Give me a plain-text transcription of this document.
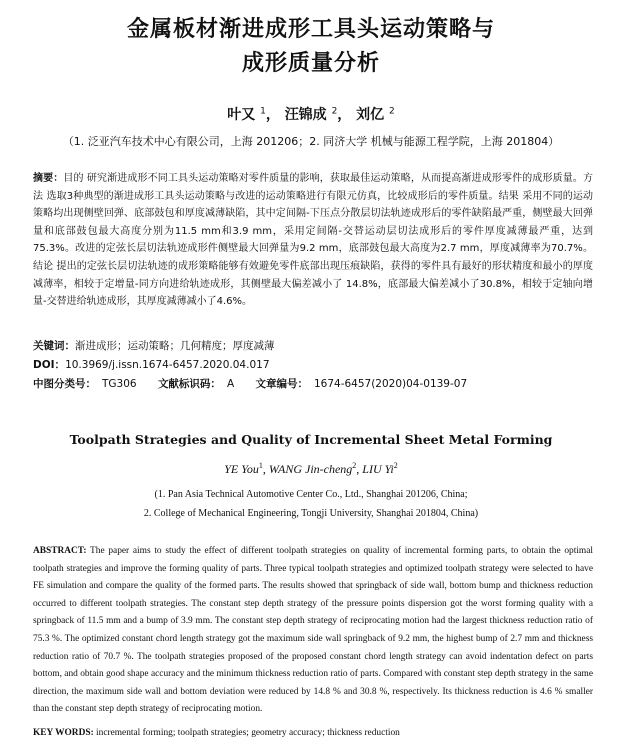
金属板材渐进成形工具头运动策略与
成形质量分析
叶又 $^1$， 汪锦成 $^2$， 刘亿 $^2$
（1. 泛亚汽车技术中心有限公司，上海 201206；2. 同济大学 机械与能源工程学院，上海 201804）

摘要：目的 研究渐进成形不同工具头运动策略对零件质量的影响，获取最佳运动策略，从而提高渐进成形零件的成形质量。方法 选取3种典型的渐进成形工具头运动策略与改进的运动策略进行有限元仿真，比较成形后的零件质量。结果 采用不同的运动策略均出现侧壁回弹、底部鼓包和厚度减薄缺陷，其中定间隔-下压点分散层切法轨迹成形后的零件缺陷最严重，侧壁最大回弹量和底部鼓包最大高度分别为11.5 mm和3.9 mm，采用定间隔-交替运动层切法成形后的零件厚度减薄最严重，达到 75.3%。改进的定弦长层切法轨迹成形件侧壁最大回弹量为9.2 mm，底部鼓包最大高度为2.7 mm，厚度减薄率为70.7%。结论 提出的定弦长层切法轨迹的成形策略能够有效避免零件底部出现压痕缺陷，获得的零件具有最好的形状精度和最小的厚度减薄率，相较于定增量-同方向进给轨迹成形，其侧壁最大偏差减小了 14.8%，底部最大偏差减小了30.8%，相较于定轴向增量-交替进给轨迹成形，其厚度减薄减小了4.6%。

关键词：渐进成形；运动策略；几何精度；厚度减薄

DOI：10.3969/j.issn.1674-6457.2020.04.017

中图分类号： TG306 文献标识码： A 文章编号： 1674-6457(2020)04-0139-07

Toolpath Strategies and Quality of Incremental Sheet Metal Forming
YE You$^1$, WANG Jin-cheng$^2$, LIU Yi$^2$
(1. Pan Asia Technical Automotive Center Co., Ltd., Shanghai 201206, China;
2. College of Mechanical Engineering, Tongji University, Shanghai 201804, China)

ABSTRACT: The paper aims to study the effect of different toolpath strategies on quality of incremental forming parts, to obtain the optimal toolpath strategies and improve the forming quality of parts. Three typical toolpath strategies and optimized toolpath strategy were selected to have FE simulation and compare the quality of the formed parts. The results showed that springback of side wall, bottom bump and thickness reduction occurred to different toolpath strategies. The constant step depth strategy of the pressure points dispersion got the worst forming quality with a springback of 11.5 mm and a bump of 3.9 mm. The constant step depth strategy of reciprocating motion had the largest thickness reduction ratio of 75.3 %. The optimized constant chord length strategy got the maximum side wall springback of 9.2 mm, the highest bump of 2.7 mm and thickness reduction ratio of 70.7 %. The toolpath strategies proposed of the proposed constant chord length strategy can avoid indentation defect on parts bottom, and obtain good shape accuracy and the minimum thickness reduction ratio of parts. Compared with constant step depth strategy in the same direction, the maximum side wall and bottom deviation were reduced by 14.8 % and 30.8 %, respectively. Its thickness reduction is 4.6 % smaller than the constant step depth strategy of reciprocating motion.

KEY WORDS: incremental forming; toolpath strategies; geometry accuracy; thickness reduction
